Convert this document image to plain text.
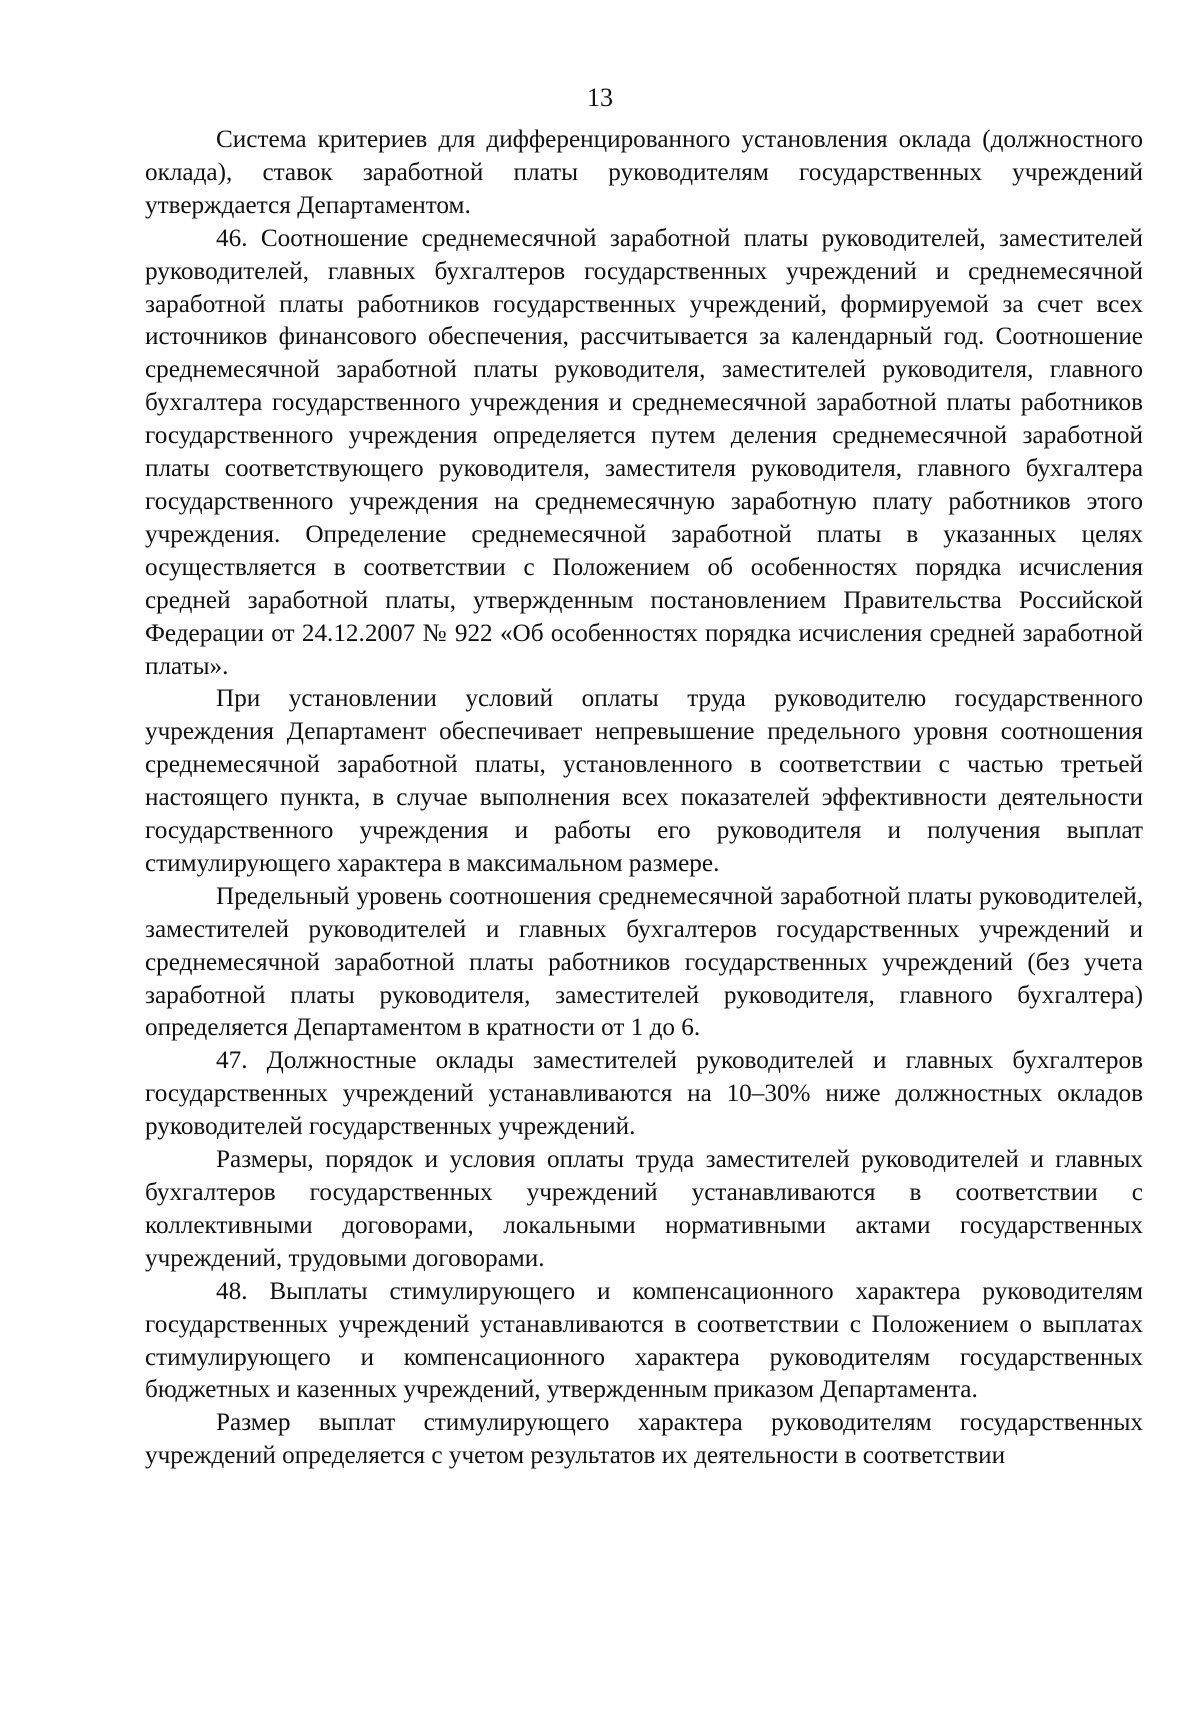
13

Система критериев для дифференцированного установления оклада (должностного оклада), ставок заработной платы руководителям государственных учреждений утверждается Департаментом.

46. Соотношение среднемесячной заработной платы руководителей, заместителей руководителей, главных бухгалтеров государственных учреждений и среднемесячной заработной платы работников государственных учреждений, формируемой за счет всех источников финансового обеспечения, рассчитывается за календарный год. Соотношение среднемесячной заработной платы руководителя, заместителей руководителя, главного бухгалтера государственного учреждения и среднемесячной заработной платы работников государственного учреждения определяется путем деления среднемесячной заработной платы соответствующего руководителя, заместителя руководителя, главного бухгалтера государственного учреждения на среднемесячную заработную плату работников этого учреждения. Определение среднемесячной заработной платы в указанных целях осуществляется в соответствии с Положением об особенностях порядка исчисления средней заработной платы, утвержденным постановлением Правительства Российской Федерации от 24.12.2007 № 922 «Об особенностях порядка исчисления средней заработной платы».

При установлении условий оплаты труда руководителю государственного учреждения Департамент обеспечивает непревышение предельного уровня соотношения среднемесячной заработной платы, установленного в соответствии с частью третьей настоящего пункта, в случае выполнения всех показателей эффективности деятельности государственного учреждения и работы его руководителя и получения выплат стимулирующего характера в максимальном размере.

Предельный уровень соотношения среднемесячной заработной платы руководителей, заместителей руководителей и главных бухгалтеров государственных учреждений и среднемесячной заработной платы работников государственных учреждений (без учета заработной платы руководителя, заместителей руководителя, главного бухгалтера) определяется Департаментом в кратности от 1 до 6.

47. Должностные оклады заместителей руководителей и главных бухгалтеров государственных учреждений устанавливаются на 10–30% ниже должностных окладов руководителей государственных учреждений.

Размеры, порядок и условия оплаты труда заместителей руководителей и главных бухгалтеров государственных учреждений устанавливаются в соответствии с коллективными договорами, локальными нормативными актами государственных учреждений, трудовыми договорами.

48. Выплаты стимулирующего и компенсационного характера руководителям государственных учреждений устанавливаются в соответствии с Положением о выплатах стимулирующего и компенсационного характера руководителям государственных бюджетных и казенных учреждений, утвержденным приказом Департамента.

Размер выплат стимулирующего характера руководителям государственных учреждений определяется с учетом результатов их деятельности в соответствии
